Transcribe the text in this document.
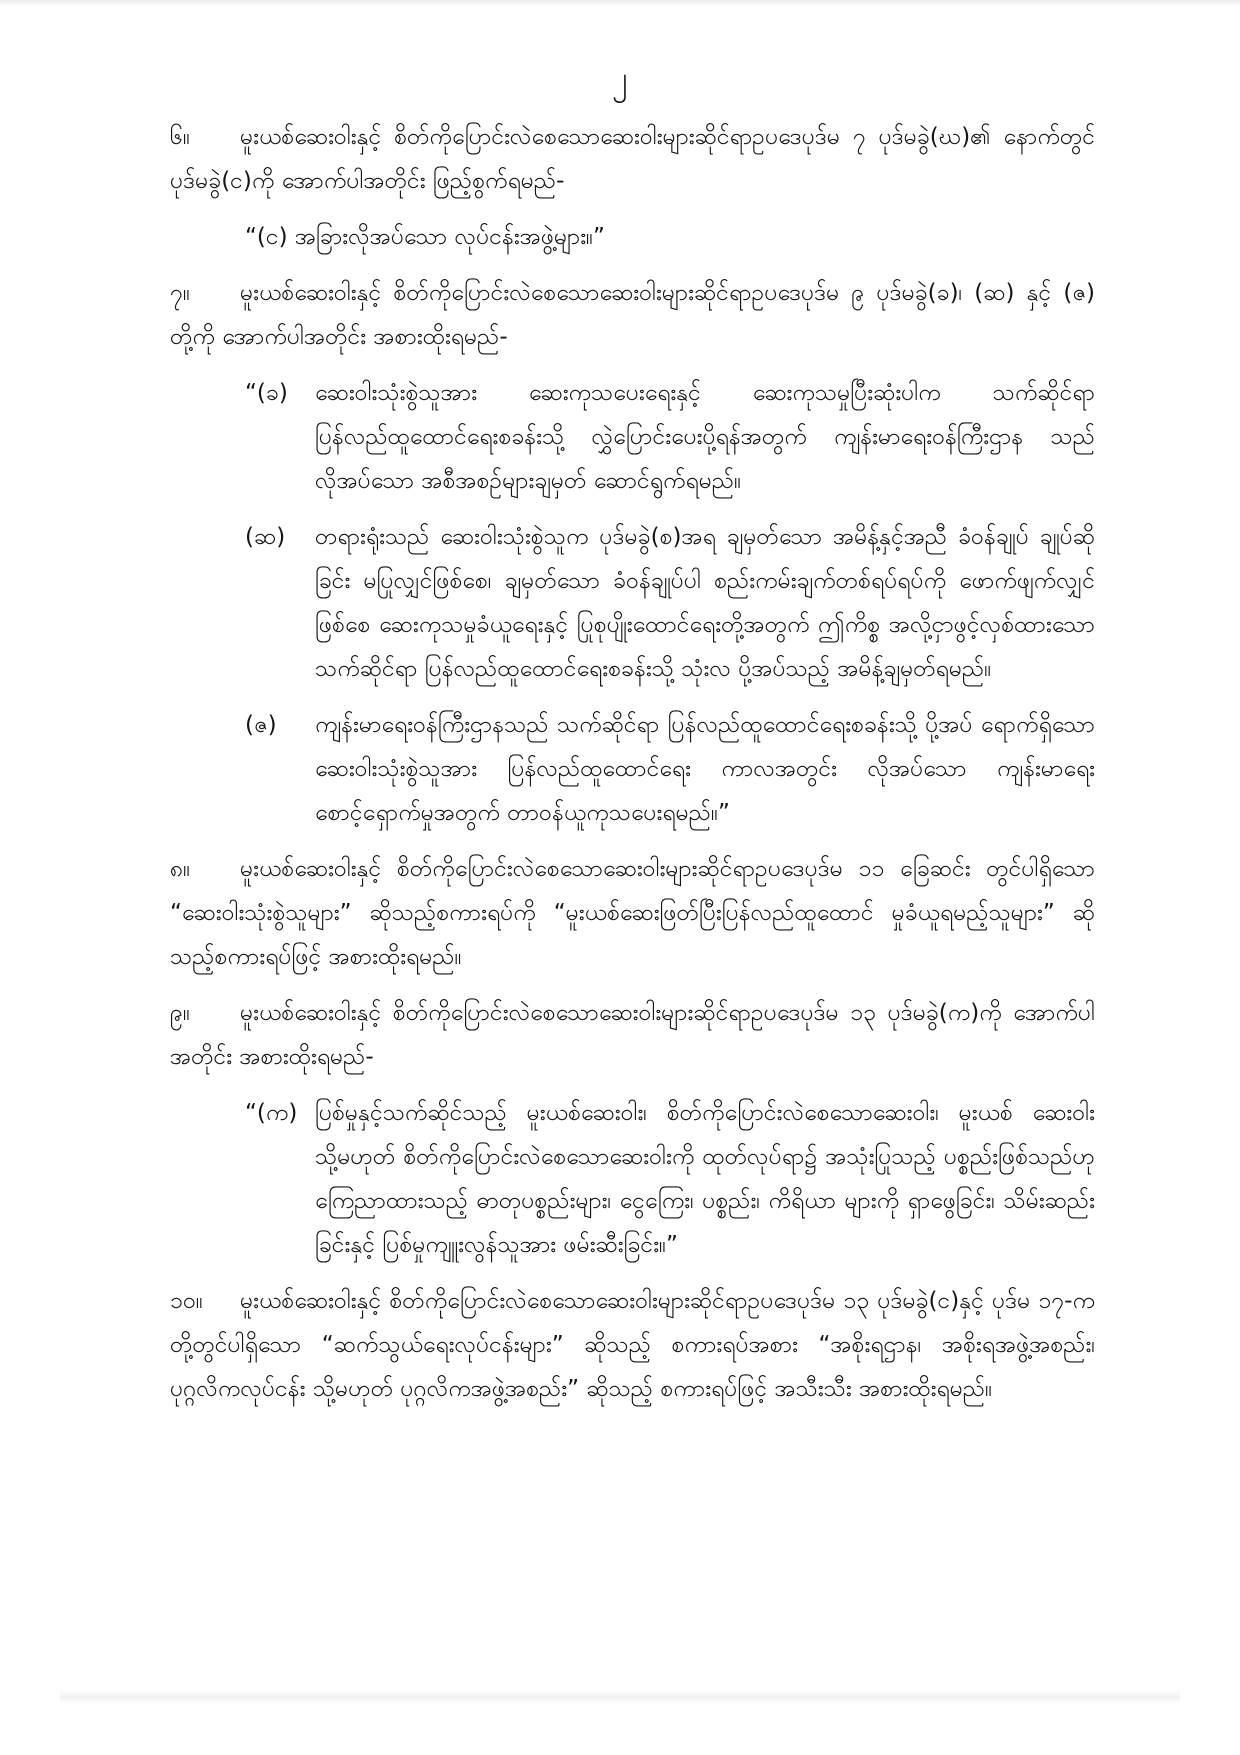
၂

၆။ မူးယစ်ဆေးဝါးနှင့် စိတ်ကိုပြောင်းလဲစေသောဆေးဝါးများဆိုင်ရာဥပဒေပုဒ်မ ၇ ပုဒ်မခွဲ(ဃ)၏ နောက်တွင် ပုဒ်မခွဲ(င)ကို အောက်ပါအတိုင်း ဖြည့်စွက်ရမည်-

“(င) အခြားလိုအပ်သော လုပ်ငန်းအဖွဲ့များ။”

၇။ မူးယစ်ဆေးဝါးနှင့် စိတ်ကိုပြောင်းလဲစေသောဆေးဝါးများဆိုင်ရာဥပဒေပုဒ်မ ၉ ပုဒ်မခွဲ(ခ)၊ (ဆ) နှင့် (ဇ) တို့ကို အောက်ပါအတိုင်း အစားထိုးရမည်-

“(ခ) ဆေးဝါးသုံးစွဲသူအား ဆေးကုသပေးရေးနှင့် ဆေးကုသမှုပြီးဆုံးပါက သက်ဆိုင်ရာ ပြန်လည်ထူထောင်ရေးစခန်းသို့ လွှဲပြောင်းပေးပို့ရန်အတွက် ကျန်းမာရေးဝန်ကြီးဌာန သည် လိုအပ်သော အစီအစဉ်များချမှတ် ဆောင်ရွက်ရမည်။

(ဆ) တရားရုံးသည် ဆေးဝါးသုံးစွဲသူက ပုဒ်မခွဲ(စ)အရ ချမှတ်သော အမိန့်နှင့်အညီ ခံဝန်ချုပ် ချုပ်ဆိုခြင်း မပြုလျှင်ဖြစ်စေ၊ ချမှတ်သော ခံဝန်ချုပ်ပါ စည်းကမ်းချက်တစ်ရပ်ရပ်ကို ဖောက်ဖျက်လျှင်ဖြစ်စေ ဆေးကုသမှုခံယူရေးနှင့် ပြုစုပျိုးထောင်ရေးတို့အတွက် ဤကိစ္စ အလို့ငှာဖွင့်လှစ်ထားသော သက်ဆိုင်ရာ ပြန်လည်ထူထောင်ရေးစခန်းသို့ သုံးလ ပို့အပ်သည့် အမိန့်ချမှတ်ရမည်။

(ဇ) ကျန်းမာရေးဝန်ကြီးဌာနသည် သက်ဆိုင်ရာ ပြန်လည်ထူထောင်ရေးစခန်းသို့ ပို့အပ် ရောက်ရှိသော ဆေးဝါးသုံးစွဲသူအား ပြန်လည်ထူထောင်ရေး ကာလအတွင်း လိုအပ်သော ကျန်းမာရေးစောင့်ရှောက်မှုအတွက် တာဝန်ယူကုသပေးရမည်။”

၈။ မူးယစ်ဆေးဝါးနှင့် စိတ်ကိုပြောင်းလဲစေသောဆေးဝါးများဆိုင်ရာဥပဒေပုဒ်မ ၁၁ ခြေဆင်း တွင်ပါရှိသော “ဆေးဝါးသုံးစွဲသူများ” ဆိုသည့်စကားရပ်ကို “မူးယစ်ဆေးဖြတ်ပြီးပြန်လည်ထူထောင် မှုခံယူရမည့်သူများ” ဆိုသည့်စကားရပ်ဖြင့် အစားထိုးရမည်။

၉။ မူးယစ်ဆေးဝါးနှင့် စိတ်ကိုပြောင်းလဲစေသောဆေးဝါးများဆိုင်ရာဥပဒေပုဒ်မ ၁၃ ပုဒ်မခွဲ(က)ကို အောက်ပါအတိုင်း အစားထိုးရမည်-

“(က) ပြစ်မှုနှင့်သက်ဆိုင်သည့် မူးယစ်ဆေးဝါး၊ စိတ်ကိုပြောင်းလဲစေသောဆေးဝါး၊ မူးယစ် ဆေးဝါး သို့မဟုတ် စိတ်ကိုပြောင်းလဲစေသောဆေးဝါးကို ထုတ်လုပ်ရာ၌ အသုံးပြုသည့် ပစ္စည်းဖြစ်သည်ဟု ကြေညာထားသည့် ဓာတုပစ္စည်းများ၊ ငွေကြေး၊ ပစ္စည်း၊ ကိရိယာ များကို ရှာဖွေခြင်း၊ သိမ်းဆည်းခြင်းနှင့် ပြစ်မှုကျူးလွန်သူအား ဖမ်းဆီးခြင်း။”

၁၀။ မူးယစ်ဆေးဝါးနှင့် စိတ်ကိုပြောင်းလဲစေသောဆေးဝါးများဆိုင်ရာဥပဒေပုဒ်မ ၁၃ ပုဒ်မခွဲ(င)နှင့် ပုဒ်မ ၁၇-က တို့တွင်ပါရှိသော “ဆက်သွယ်ရေးလုပ်ငန်းများ” ဆိုသည့် စကားရပ်အစား “အစိုးရဌာန၊ အစိုးရအဖွဲ့အစည်း၊ ပုဂ္ဂလိကလုပ်ငန်း သို့မဟုတ် ပုဂ္ဂလိကအဖွဲ့အစည်း” ဆိုသည့် စကားရပ်ဖြင့် အသီးသီး အစားထိုးရမည်။
